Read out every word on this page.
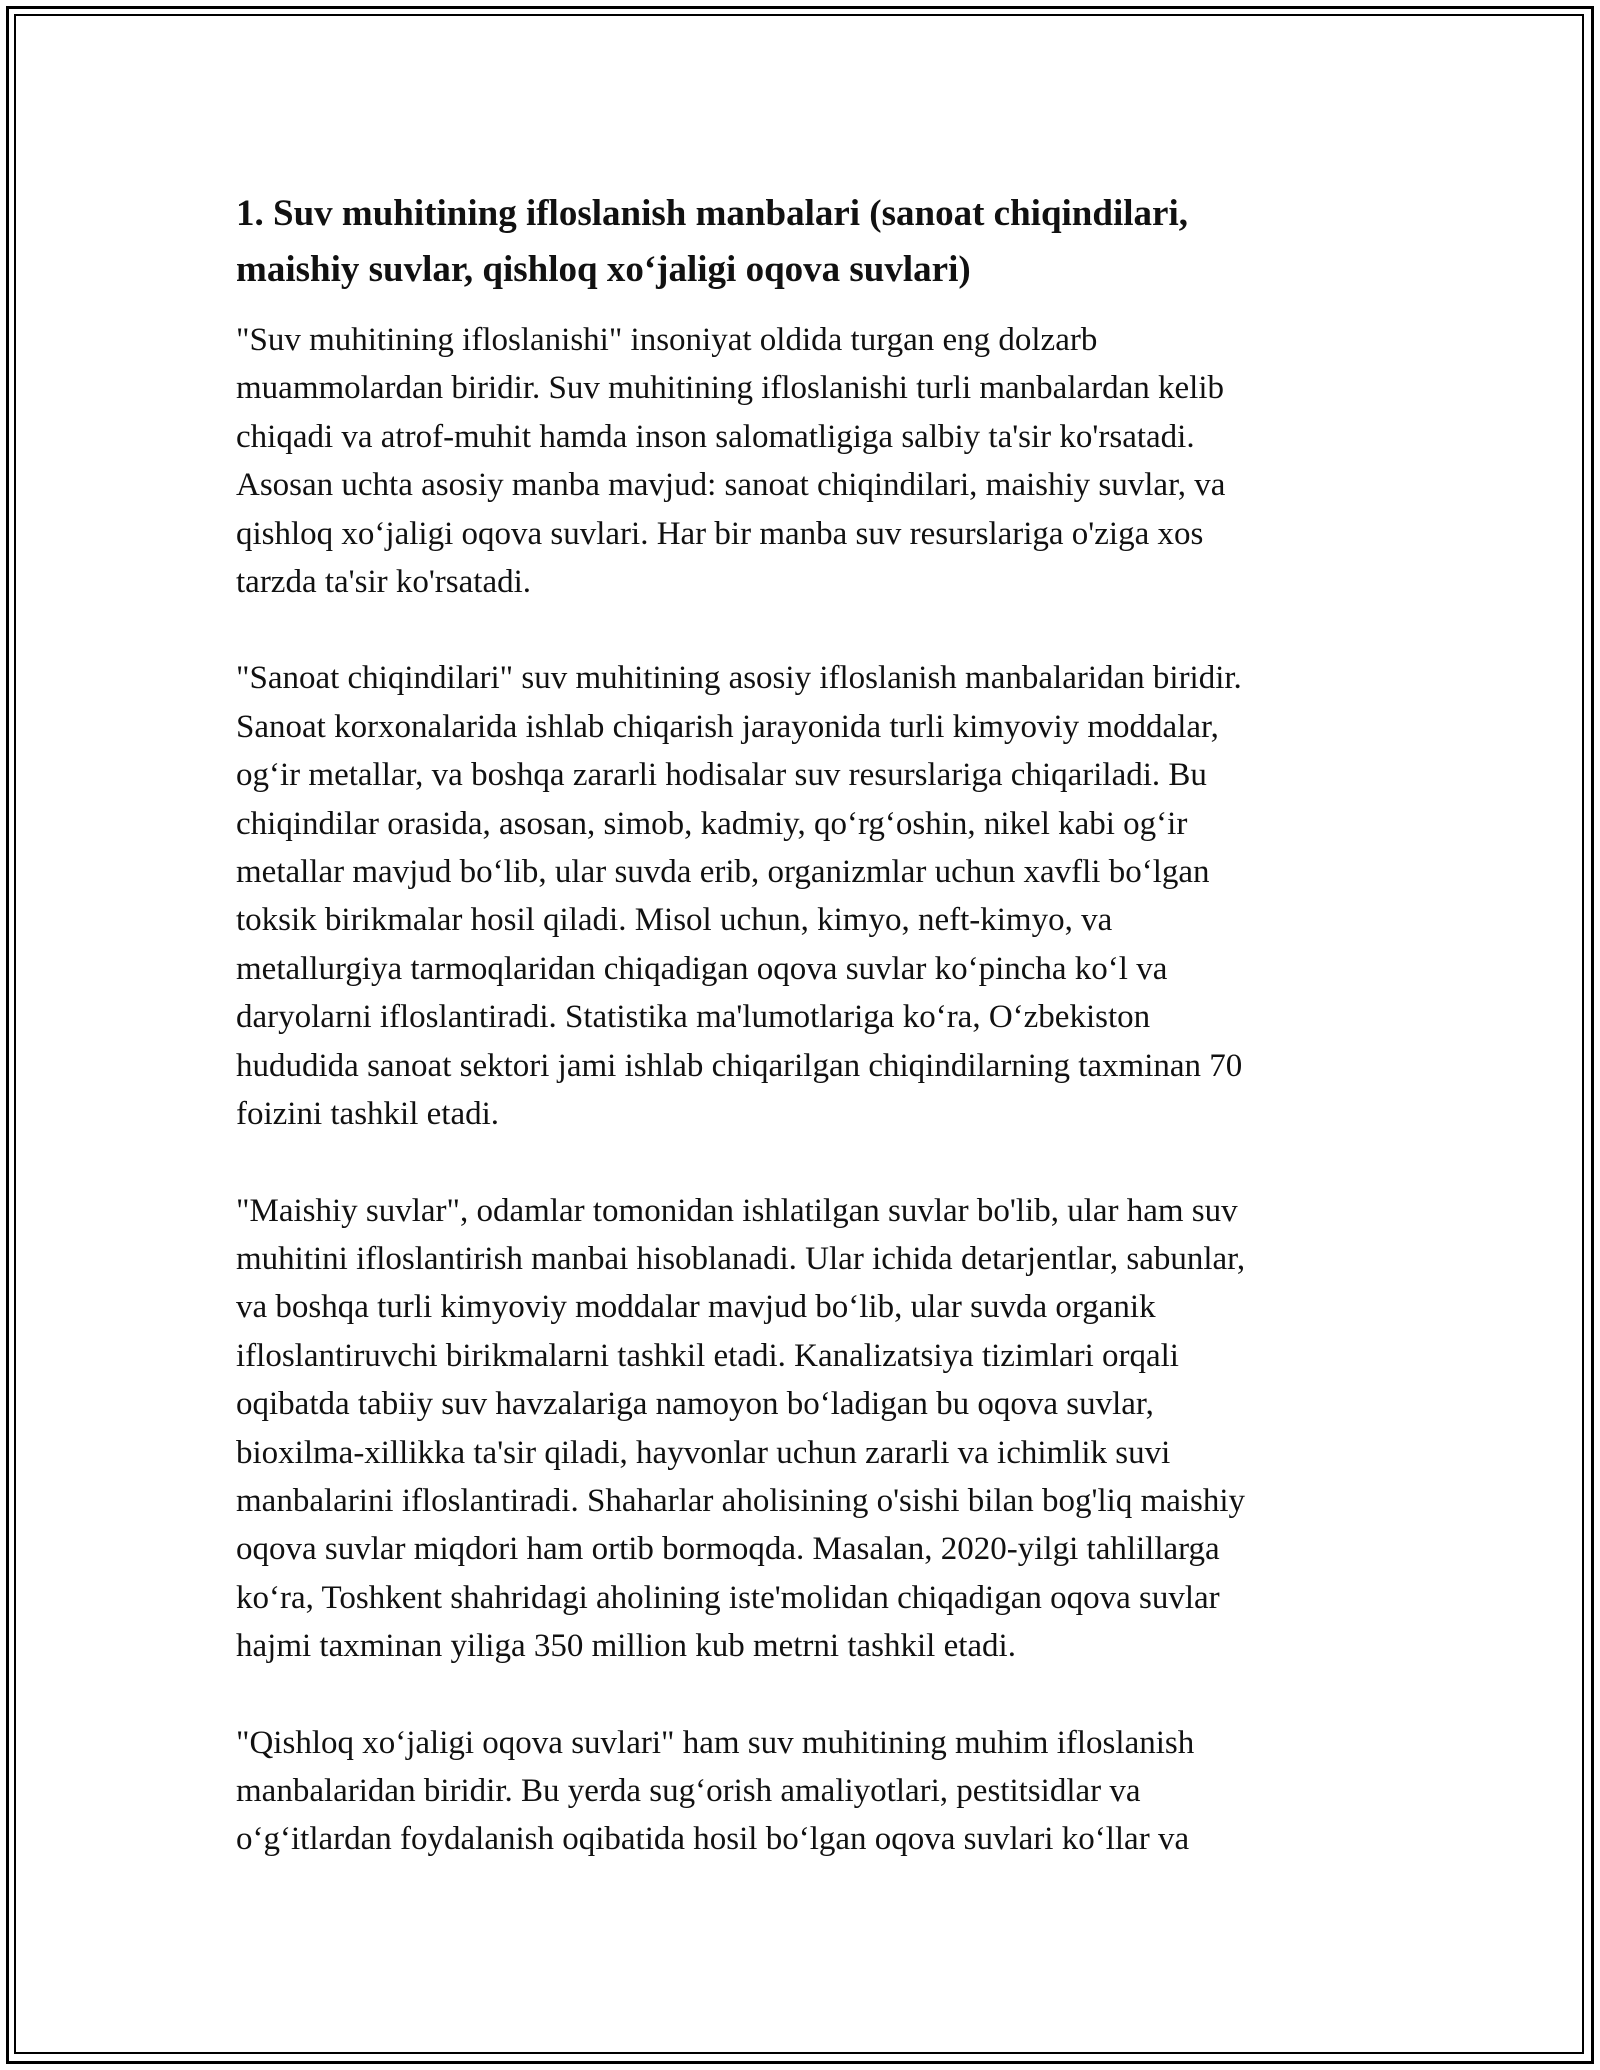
1. Suv muhitining ifloslanish manbalari (sanoat chiqindilari,
maishiy suvlar, qishloq xo‘jaligi oqova suvlari)

"Suv muhitining ifloslanishi" insoniyat oldida turgan eng dolzarb
muammolardan biridir. Suv muhitining ifloslanishi turli manbalardan kelib
chiqadi va atrof-muhit hamda inson salomatligiga salbiy ta'sir ko'rsatadi.
Asosan uchta asosiy manba mavjud: sanoat chiqindilari, maishiy suvlar, va
qishloq xo‘jaligi oqova suvlari. Har bir manba suv resurslariga o'ziga xos
tarzda ta'sir ko'rsatadi.

"Sanoat chiqindilari" suv muhitining asosiy ifloslanish manbalaridan biridir.
Sanoat korxonalarida ishlab chiqarish jarayonida turli kimyoviy moddalar,
og‘ir metallar, va boshqa zararli hodisalar suv resurslariga chiqariladi. Bu
chiqindilar orasida, asosan, simob, kadmiy, qo‘rg‘oshin, nikel kabi og‘ir
metallar mavjud bo‘lib, ular suvda erib, organizmlar uchun xavfli bo‘lgan
toksik birikmalar hosil qiladi. Misol uchun, kimyo, neft-kimyo, va
metallurgiya tarmoqlaridan chiqadigan oqova suvlar ko‘pincha ko‘l va
daryolarni ifloslantiradi. Statistika ma'lumotlariga ko‘ra, O‘zbekiston
hududida sanoat sektori jami ishlab chiqarilgan chiqindilarning taxminan 70
foizini tashkil etadi.

"Maishiy suvlar", odamlar tomonidan ishlatilgan suvlar bo'lib, ular ham suv
muhitini ifloslantirish manbai hisoblanadi. Ular ichida detarjentlar, sabunlar,
va boshqa turli kimyoviy moddalar mavjud bo‘lib, ular suvda organik
ifloslantiruvchi birikmalarni tashkil etadi. Kanalizatsiya tizimlari orqali
oqibatda tabiiy suv havzalariga namoyon bo‘ladigan bu oqova suvlar,
bioxilma-xillikka ta'sir qiladi, hayvonlar uchun zararli va ichimlik suvi
manbalarini ifloslantiradi. Shaharlar aholisining o'sishi bilan bog'liq maishiy
oqova suvlar miqdori ham ortib bormoqda. Masalan, 2020-yilgi tahlillarga
ko‘ra, Toshkent shahridagi aholining iste'molidan chiqadigan oqova suvlar
hajmi taxminan yiliga 350 million kub metrni tashkil etadi.

"Qishloq xo‘jaligi oqova suvlari" ham suv muhitining muhim ifloslanish
manbalaridan biridir. Bu yerda sug‘orish amaliyotlari, pestitsidlar va
o‘g‘itlardan foydalanish oqibatida hosil bo‘lgan oqova suvlari ko‘llar va
